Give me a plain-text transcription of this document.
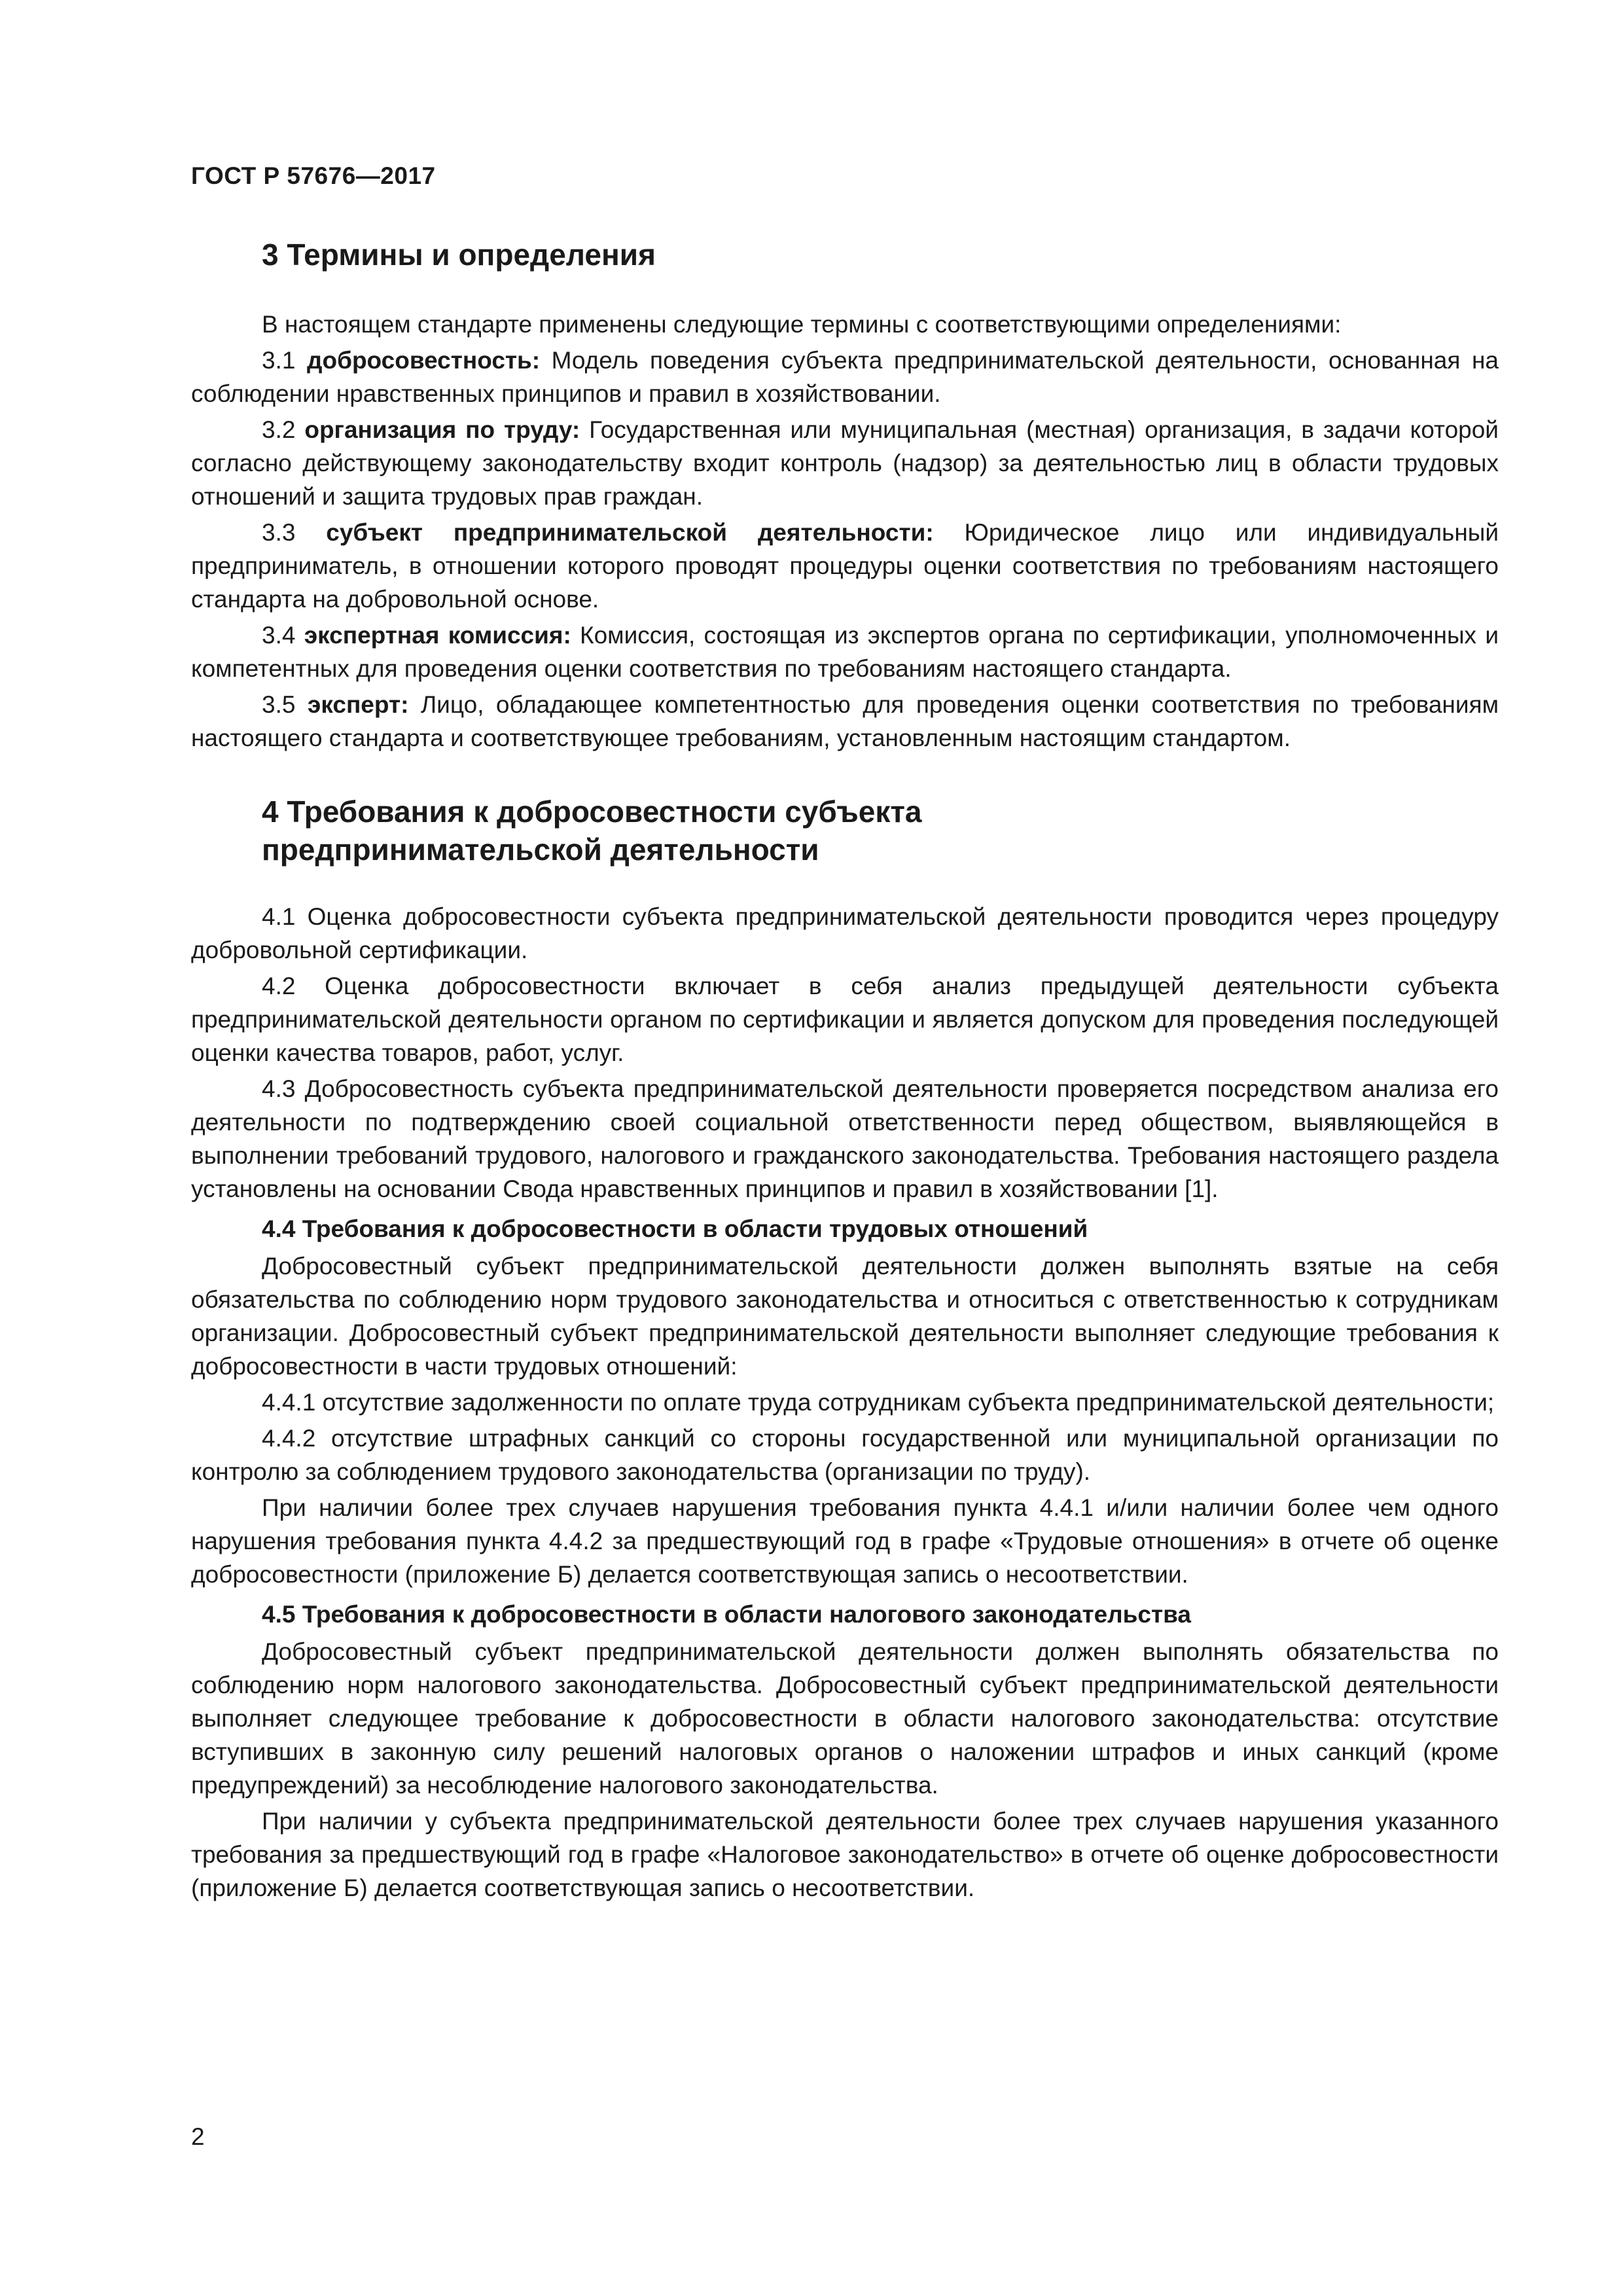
ГОСТ Р 57676—2017
3 Термины и определения

В настоящем стандарте применены следующие термины с соответствующими определениями:

3.1 добросовестность: Модель поведения субъекта предпринимательской деятельности, основанная на соблюдении нравственных принципов и правил в хозяйствовании.

3.2 организация по труду: Государственная или муниципальная (местная) организация, в задачи которой согласно действующему законодательству входит контроль (надзор) за деятельностью лиц в области трудовых отношений и защита трудовых прав граждан.

3.3 субъект предпринимательской деятельности: Юридическое лицо или индивидуальный предприниматель, в отношении которого проводят процедуры оценки соответствия по требованиям настоящего стандарта на добровольной основе.

3.4 экспертная комиссия: Комиссия, состоящая из экспертов органа по сертификации, уполномоченных и компетентных для проведения оценки соответствия по требованиям настоящего стандарта.

3.5 эксперт: Лицо, обладающее компетентностью для проведения оценки соответствия по требованиям настоящего стандарта и соответствующее требованиям, установленным настоящим стандартом.

4 Требования к добросовестности субъекта
предпринимательской деятельности

4.1 Оценка добросовестности субъекта предпринимательской деятельности проводится через процедуру добровольной сертификации.

4.2 Оценка добросовестности включает в себя анализ предыдущей деятельности субъекта предпринимательской деятельности органом по сертификации и является допуском для проведения последующей оценки качества товаров, работ, услуг.

4.3 Добросовестность субъекта предпринимательской деятельности проверяется посредством анализа его деятельности по подтверждению своей социальной ответственности перед обществом, выявляющейся в выполнении требований трудового, налогового и гражданского законодательства. Требования настоящего раздела установлены на основании Свода нравственных принципов и правил в хозяйствовании [1].

4.4 Требования к добросовестности в области трудовых отношений

Добросовестный субъект предпринимательской деятельности должен выполнять взятые на себя обязательства по соблюдению норм трудового законодательства и относиться с ответственностью к сотрудникам организации. Добросовестный субъект предпринимательской деятельности выполняет следующие требования к добросовестности в части трудовых отношений:

4.4.1 отсутствие задолженности по оплате труда сотрудникам субъекта предпринимательской деятельности;

4.4.2 отсутствие штрафных санкций со стороны государственной или муниципальной организации по контролю за соблюдением трудового законодательства (организации по труду).

При наличии более трех случаев нарушения требования пункта 4.4.1 и/или наличии более чем одного нарушения требования пункта 4.4.2 за предшествующий год в графе «Трудовые отношения» в отчете об оценке добросовестности (приложение Б) делается соответствующая запись о несоответствии.

4.5 Требования к добросовестности в области налогового законодательства

Добросовестный субъект предпринимательской деятельности должен выполнять обязательства по соблюдению норм налогового законодательства. Добросовестный субъект предпринимательской деятельности выполняет следующее требование к добросовестности в области налогового законодательства: отсутствие вступивших в законную силу решений налоговых органов о наложении штрафов и иных санкций (кроме предупреждений) за несоблюдение налогового законодательства.

При наличии у субъекта предпринимательской деятельности более трех случаев нарушения указанного требования за предшествующий год в графе «Налоговое законодательство» в отчете об оценке добросовестности (приложение Б) делается соответствующая запись о несоответствии.

2
